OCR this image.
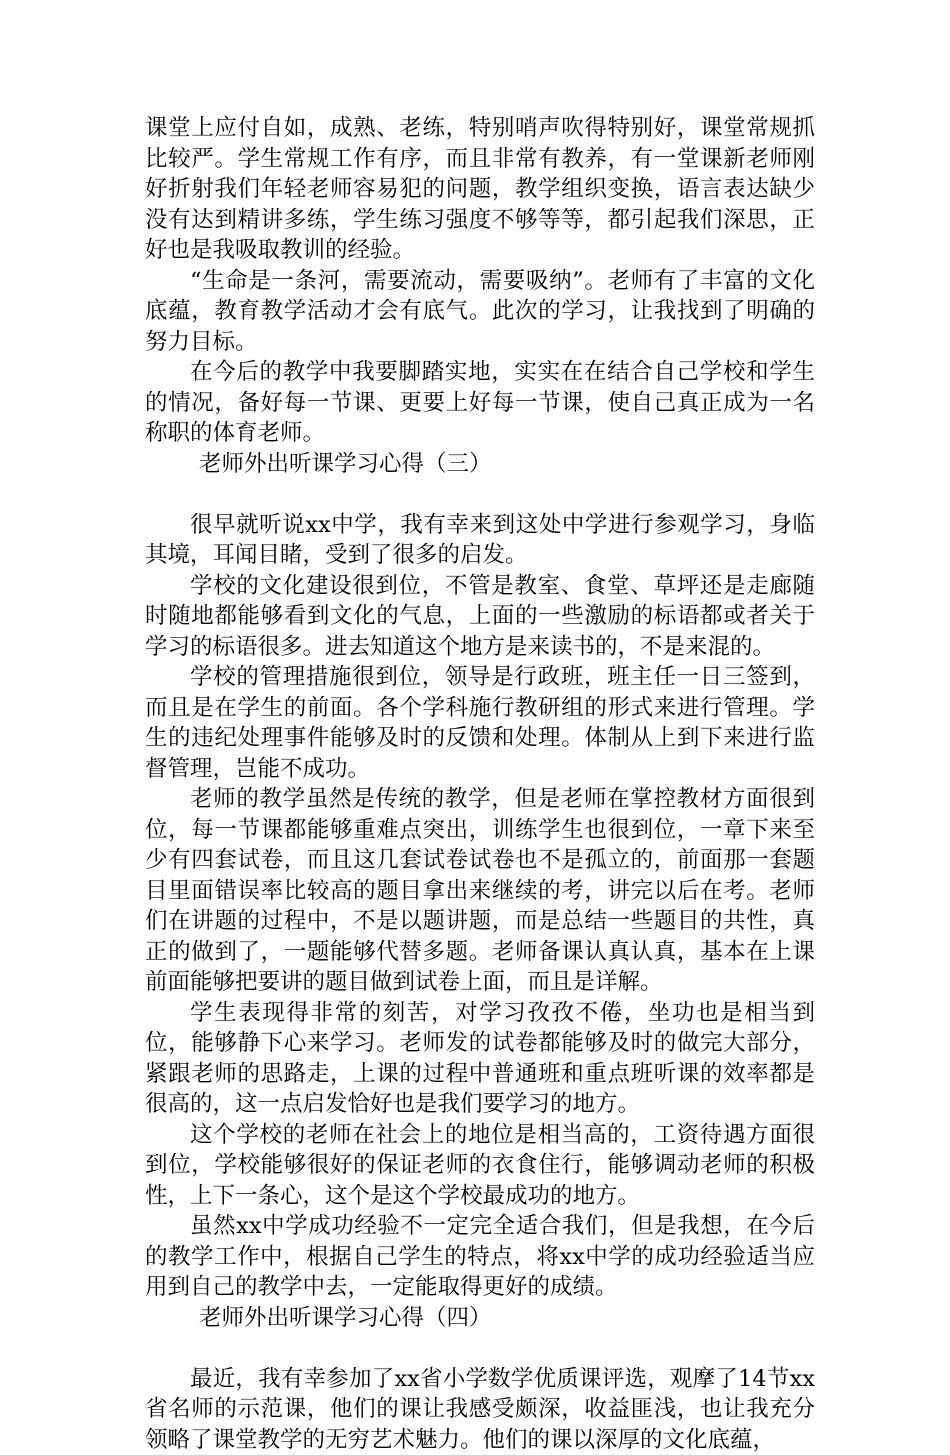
课堂上应付自如，成熟、老练，特别哨声吹得特别好，课堂常规抓比较严。学生常规工作有序，而且非常有教养，有一堂课新老师刚好折射我们年轻老师容易犯的问题，教学组织变换，语言表达缺少没有达到精讲多练，学生练习强度不够等等，都引起我们深思，正好也是我吸取教训的经验。

“生命是一条河，需要流动，需要吸纳”。老师有了丰富的文化底蕴，教育教学活动才会有底气。此次的学习，让我找到了明确的努力目标。

在今后的教学中我要脚踏实地，实实在在结合自己学校和学生的情况，备好每一节课、更要上好每一节课，使自己真正成为一名称职的体育老师。

老师外出听课学习心得（三）

很早就听说xx中学，我有幸来到这处中学进行参观学习，身临其境，耳闻目睹，受到了很多的启发。

学校的文化建设很到位，不管是教室、食堂、草坪还是走廊随时随地都能够看到文化的气息，上面的一些激励的标语都或者关于学习的标语很多。进去知道这个地方是来读书的，不是来混的。

学校的管理措施很到位，领导是行政班，班主任一日三签到，而且是在学生的前面。各个学科施行教研组的形式来进行管理。学生的违纪处理事件能够及时的反馈和处理。体制从上到下来进行监督管理，岂能不成功。

老师的教学虽然是传统的教学，但是老师在掌控教材方面很到位，每一节课都能够重难点突出，训练学生也很到位，一章下来至少有四套试卷，而且这几套试卷试卷也不是孤立的，前面那一套题目里面错误率比较高的题目拿出来继续的考，讲完以后在考。老师们在讲题的过程中，不是以题讲题，而是总结一些题目的共性，真正的做到了，一题能够代替多题。老师备课认真认真，基本在上课前面能够把要讲的题目做到试卷上面，而且是详解。

学生表现得非常的刻苦，对学习孜孜不倦，坐功也是相当到位，能够静下心来学习。老师发的试卷都能够及时的做完大部分，紧跟老师的思路走，上课的过程中普通班和重点班听课的效率都是很高的，这一点启发恰好也是我们要学习的地方。

这个学校的老师在社会上的地位是相当高的，工资待遇方面很到位，学校能够很好的保证老师的衣食住行，能够调动老师的积极性，上下一条心，这个是这个学校最成功的地方。

虽然xx中学成功经验不一定完全适合我们，但是我想，在今后的教学工作中，根据自己学生的特点，将xx中学的成功经验适当应用到自己的教学中去，一定能取得更好的成绩。

老师外出听课学习心得（四）

最近，我有幸参加了xx省小学数学优质课评选，观摩了14节xx省名师的示范课，他们的课让我感受颇深，收益匪浅，也让我充分领略了课堂教学的无穷艺术魅力。他们的课以深厚的文化底蕴，
